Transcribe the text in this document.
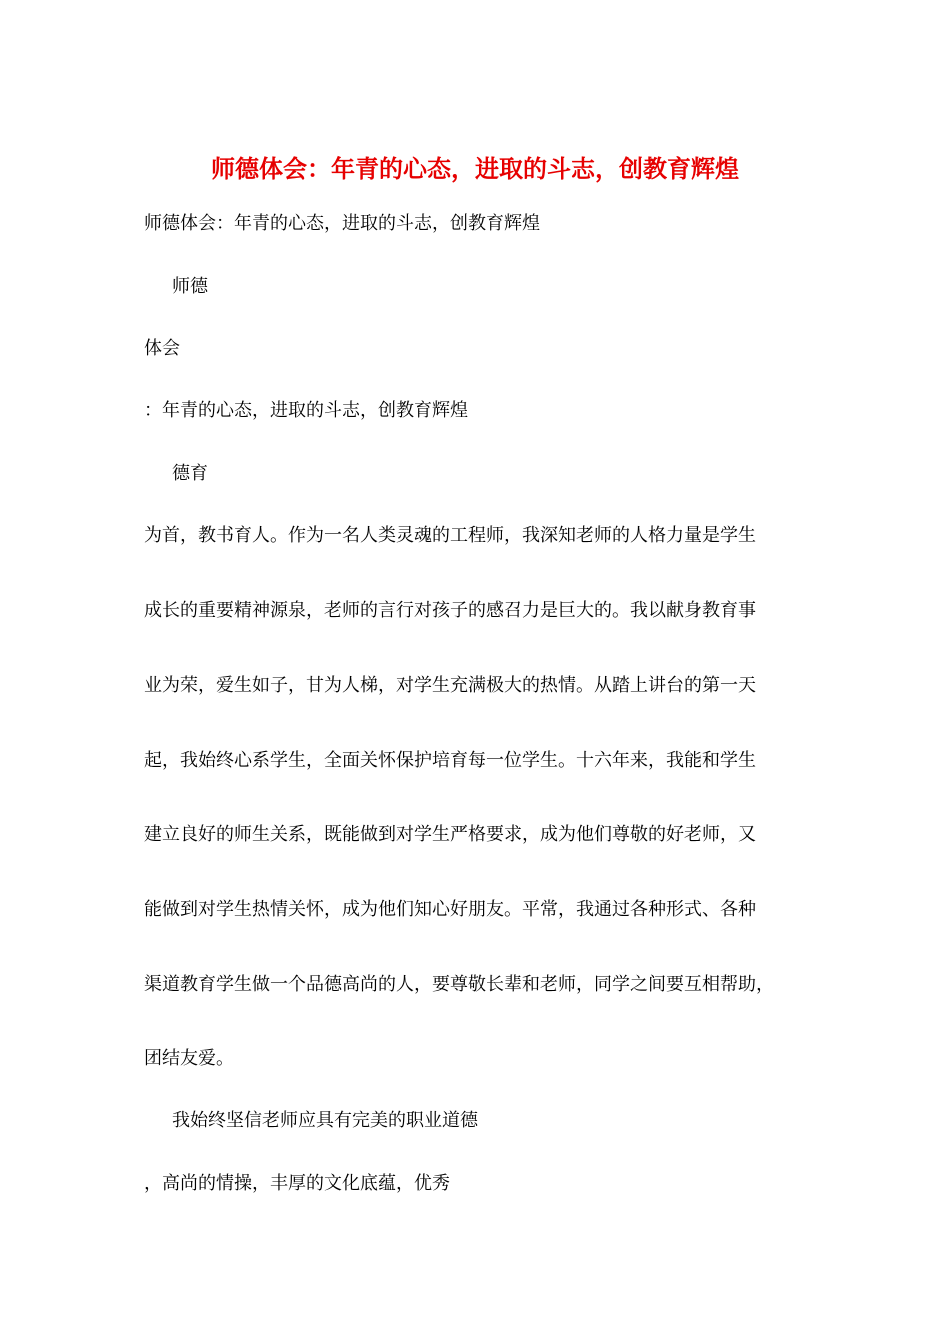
师德体会：年青的心态，进取的斗志，创教育辉煌
师德体会：年青的心态，进取的斗志，创教育辉煌
师德
体会
：年青的心态，进取的斗志，创教育辉煌
德育
为首，教书育人。作为一名人类灵魂的工程师，我深知老师的人格力量是学生
成长的重要精神源泉，老师的言行对孩子的感召力是巨大的。我以献身教育事
业为荣，爱生如子，甘为人梯，对学生充满极大的热情。从踏上讲台的第一天
起，我始终心系学生，全面关怀保护培育每一位学生。十六年来，我能和学生
建立良好的师生关系，既能做到对学生严格要求，成为他们尊敬的好老师，又
能做到对学生热情关怀，成为他们知心好朋友。平常，我通过各种形式、各种
渠道教育学生做一个品德高尚的人，要尊敬长辈和老师，同学之间要互相帮助，
团结友爱。
我始终坚信老师应具有完美的职业道德
，高尚的情操，丰厚的文化底蕴，优秀
